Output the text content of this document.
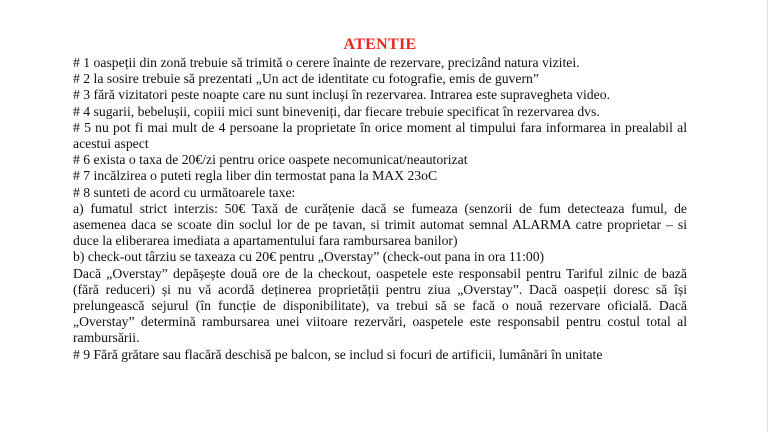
ATENTIE
# 1 oaspeții din zonă trebuie să trimită o cerere înainte de rezervare, precizând natura vizitei.
# 2 la sosire trebuie să prezentati „Un act de identitate cu fotografie, emis de guvern”
# 3 fără vizitatori peste noapte care nu sunt incluși în rezervarea. Intrarea este supravegheta video.
# 4 sugarii, bebelușii, copiii mici sunt bineveniți, dar fiecare trebuie specificat în rezervarea dvs.
# 5 nu pot fi mai mult de 4 persoane la proprietate în orice moment al timpului fara informarea in prealabil al acestui aspect
# 6 exista o taxa de 20€/zi pentru orice oaspete necomunicat/neautorizat
# 7 incălzirea o puteti regla liber din termostat pana la MAX 23oC
# 8 sunteti de acord cu următoarele taxe:
a) fumatul strict interzis: 50€ Taxă de curățenie dacă se fumeaza (senzorii de fum detecteaza fumul, de asemenea daca se scoate din soclul lor de pe tavan, si trimit automat semnal ALARMA catre proprietar – si duce la eliberarea imediata a apartamentului fara rambursarea banilor)
b) check-out târziu se taxeaza cu 20€ pentru „Overstay” (check-out pana in ora 11:00)
Dacă „Overstay” depășește două ore de la checkout, oaspetele este responsabil pentru Tariful zilnic de bază (fără reduceri) și nu vă acordă deținerea proprietății pentru ziua „Overstay”. Dacă oaspeții doresc să își prelungească sejurul (în funcție de disponibilitate), va trebui să se facă o nouă rezervare oficială. Dacă „Overstay” determină rambursarea unei viitoare rezervări, oaspetele este responsabil pentru costul total al rambursării.
# 9 Fără grătare sau flacără deschisă pe balcon, se includ si focuri de artificii, lumânări în unitate
